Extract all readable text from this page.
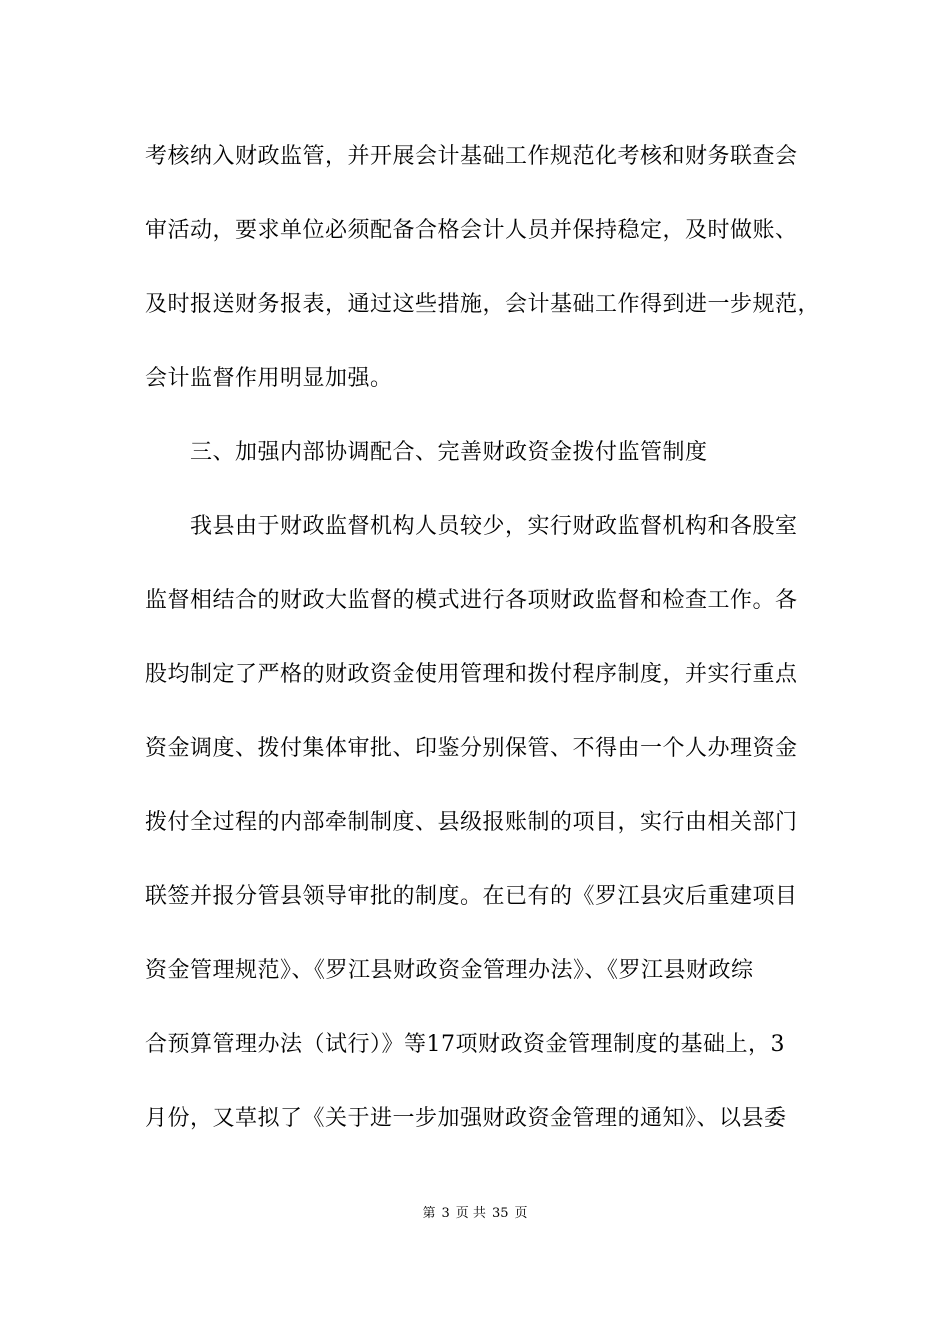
考核纳入财政监管，并开展会计基础工作规范化考核和财务联查会
审活动，要求单位必须配备合格会计人员并保持稳定，及时做账、
及时报送财务报表，通过这些措施，会计基础工作得到进一步规范，
会计监督作用明显加强。
三、加强内部协调配合、完善财政资金拨付监管制度
我县由于财政监督机构人员较少，实行财政监督机构和各股室
监督相结合的财政大监督的模式进行各项财政监督和检查工作。各
股均制定了严格的财政资金使用管理和拨付程序制度，并实行重点
资金调度、拨付集体审批、印鉴分别保管、不得由一个人办理资金
拨付全过程的内部牵制制度、县级报账制的项目，实行由相关部门
联签并报分管县领导审批的制度。在已有的《罗江县灾后重建项目
资金管理规范》、《罗江县财政资金管理办法》、《罗江县财政综
合预算管理办法（试行）》等17项财政资金管理制度的基础上，3
月份，又草拟了《关于进一步加强财政资金管理的通知》、以县委
第 3 页 共 35 页
